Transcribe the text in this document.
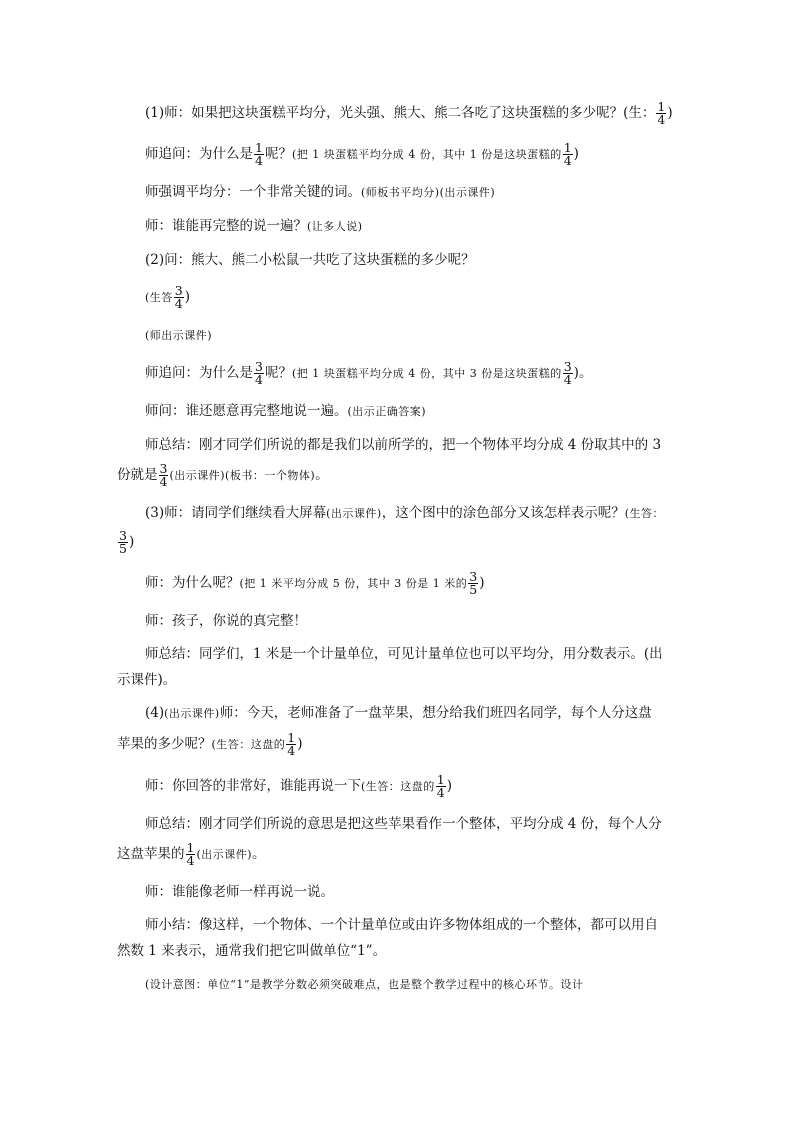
(1)师：如果把这块蛋糕平均分，光头强、熊大、熊二各吃了这块蛋糕的多少呢？(生： $\frac{1}{4}$ )

师追问：为什么是 $\frac{1}{4}$ 呢？(把 1 块蛋糕平均分成 4 份，其中 1 份是这块蛋糕的 $\frac{1}{4}$ )

师强调平均分：一个非常关键的词。(师板书平均分)(出示课件)

师：谁能再完整的说一遍？(让多人说)

(2)问：熊大、熊二小松鼠一共吃了这块蛋糕的多少呢？

(生答 $\frac{3}{4}$ )

(师出示课件)

师追问：为什么是 $\frac{3}{4}$ 呢？(把 1 块蛋糕平均分成 4 份，其中 3 份是这块蛋糕的 $\frac{3}{4}$ )。

师问：谁还愿意再完整地说一遍。(出示正确答案)

师总结：刚才同学们所说的都是我们以前所学的，把一个物体平均分成 4 份取其中的 3

份就是 $\frac{3}{4}$ (出示课件)(板书：一个物体)。

(3)师：请同学们继续看大屏幕(出示课件)，这个图中的涂色部分又该怎样表示呢？(生答：

$\frac{3}{5}$ )

师：为什么呢？(把 1 米平均分成 5 份，其中 3 份是 1 米的 $\frac{3}{5}$ )

师：孩子，你说的真完整！

师总结：同学们，1 米是一个计量单位，可见计量单位也可以平均分，用分数表示。(出

示课件)。

(4)(出示课件)师：今天，老师准备了一盘苹果，想分给我们班四名同学，每个人分这盘

苹果的多少呢？(生答：这盘的 $\frac{1}{4}$ )

师：你回答的非常好，谁能再说一下(生答：这盘的 $\frac{1}{4}$ )

师总结：刚才同学们所说的意思是把这些苹果看作一个整体，平均分成 4 份，每个人分

这盘苹果的 $\frac{1}{4}$ (出示课件)。

师：谁能像老师一样再说一说。

师小结：像这样，一个物体、一个计量单位或由许多物体组成的一个整体，都可以用自

然数 1 来表示，通常我们把它叫做单位“1”。

(设计意图：单位“1”是教学分数必须突破难点，也是整个教学过程中的核心环节。设计
